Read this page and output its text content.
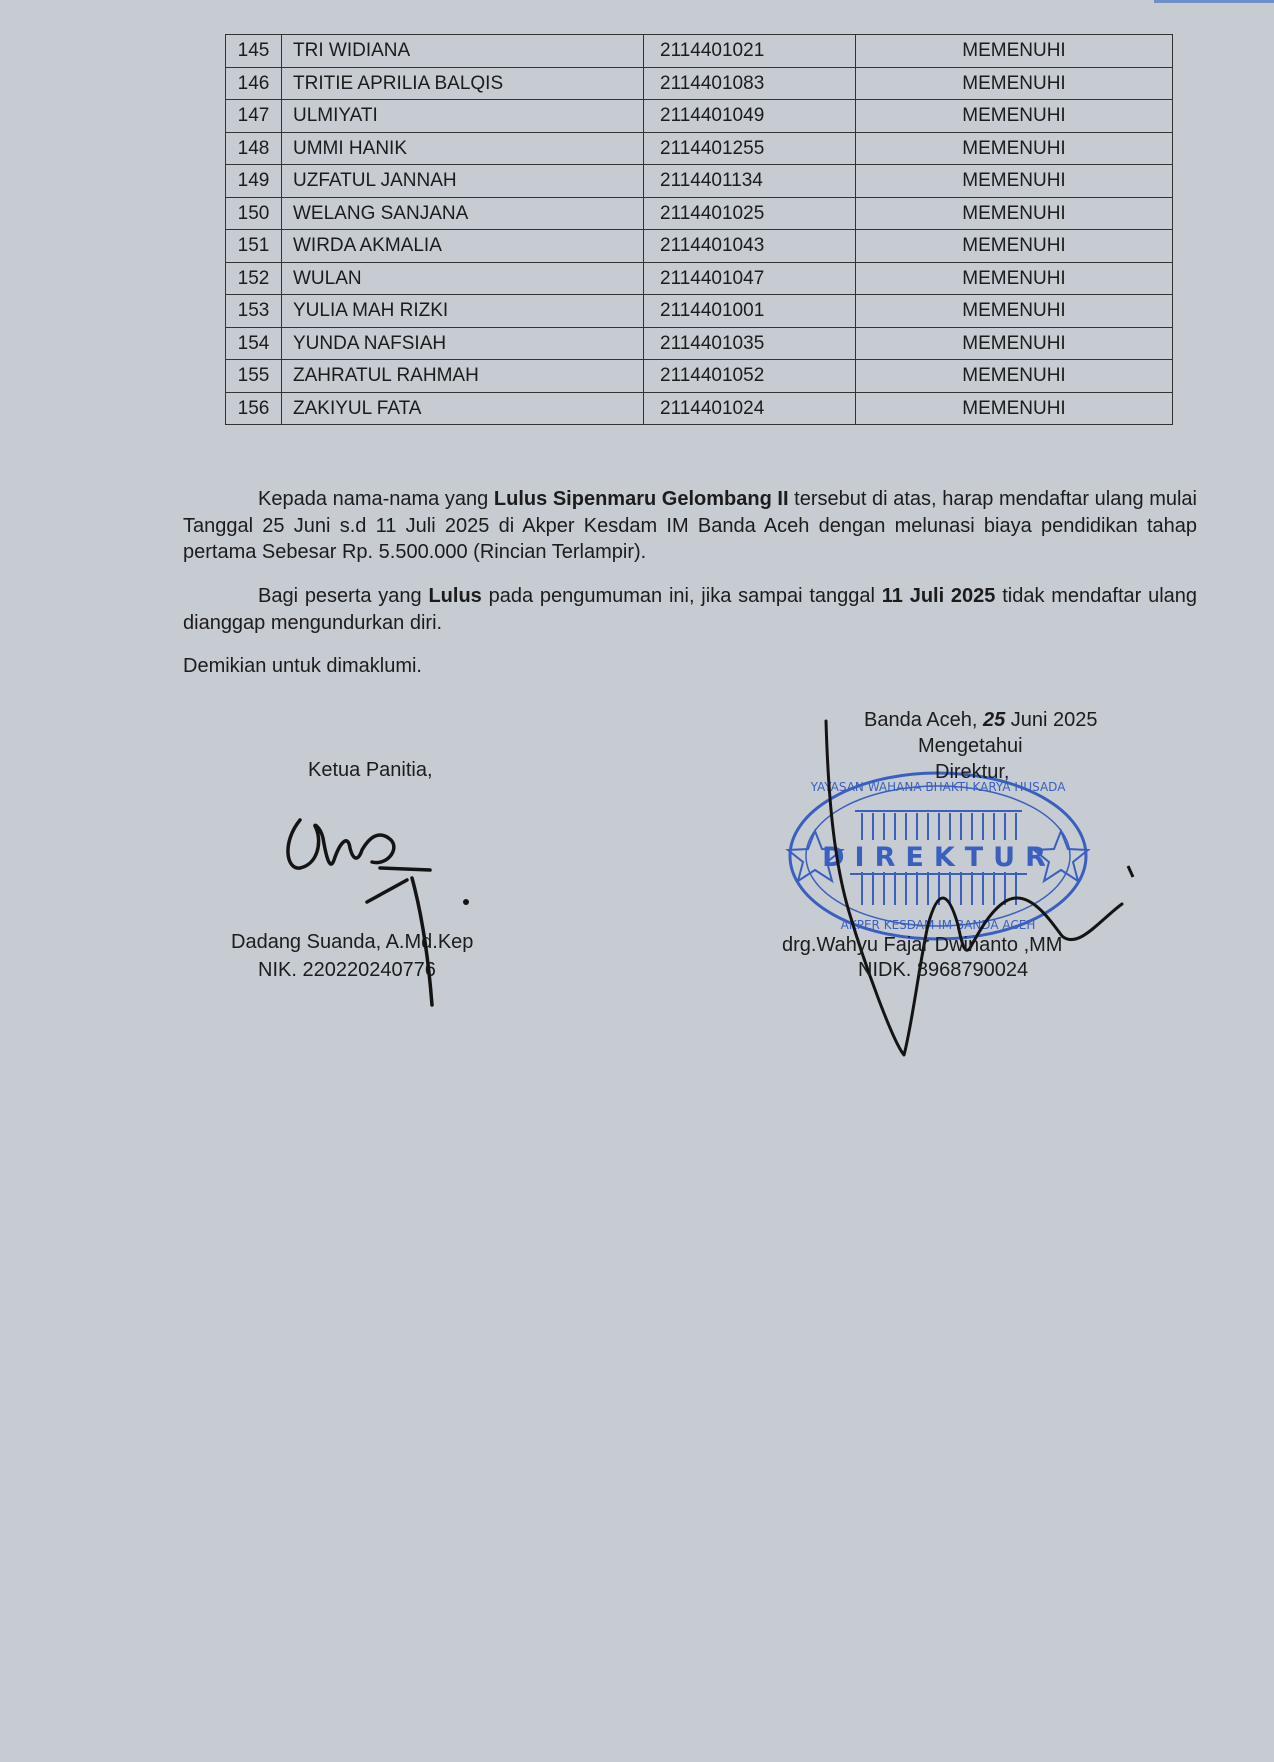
145	TRI WIDIANA	2114401021	MEMENUHI
146	TRITIE APRILIA BALQIS	2114401083	MEMENUHI
147	ULMIYATI	2114401049	MEMENUHI
148	UMMI HANIK	2114401255	MEMENUHI
149	UZFATUL JANNAH	2114401134	MEMENUHI
150	WELANG SANJANA	2114401025	MEMENUHI
151	WIRDA AKMALIA	2114401043	MEMENUHI
152	WULAN	2114401047	MEMENUHI
153	YULIA MAH RIZKI	2114401001	MEMENUHI
154	YUNDA NAFSIAH	2114401035	MEMENUHI
155	ZAHRATUL RAHMAH	2114401052	MEMENUHI
156	ZAKIYUL FATA	2114401024	MEMENUHI

Kepada nama-nama yang Lulus Sipenmaru Gelombang II tersebut di atas, harap mendaftar ulang mulai Tanggal 25 Juni s.d 11 Juli 2025 di Akper Kesdam IM Banda Aceh dengan melunasi biaya pendidikan tahap pertama Sebesar Rp. 5.500.000 (Rincian Terlampir).

Bagi peserta yang Lulus pada pengumuman ini, jika sampai tanggal 11 Juli 2025 tidak mendaftar ulang dianggap mengundurkan diri.

Demikian untuk dimaklumi.

Ketua Panitia,

Dadang Suanda, A.Md.Kep

NIK. 220220240776

DIREKTUR
YAYASAN WAHANA BHAKTI KARYA HUSADA
AKPER KESDAM IM BANDA ACEH

Banda Aceh, 25 Juni 2025

Mengetahui

Direktur,

drg.Wahyu Fajar Dwinanto ,MM

NIDK. 8968790024
